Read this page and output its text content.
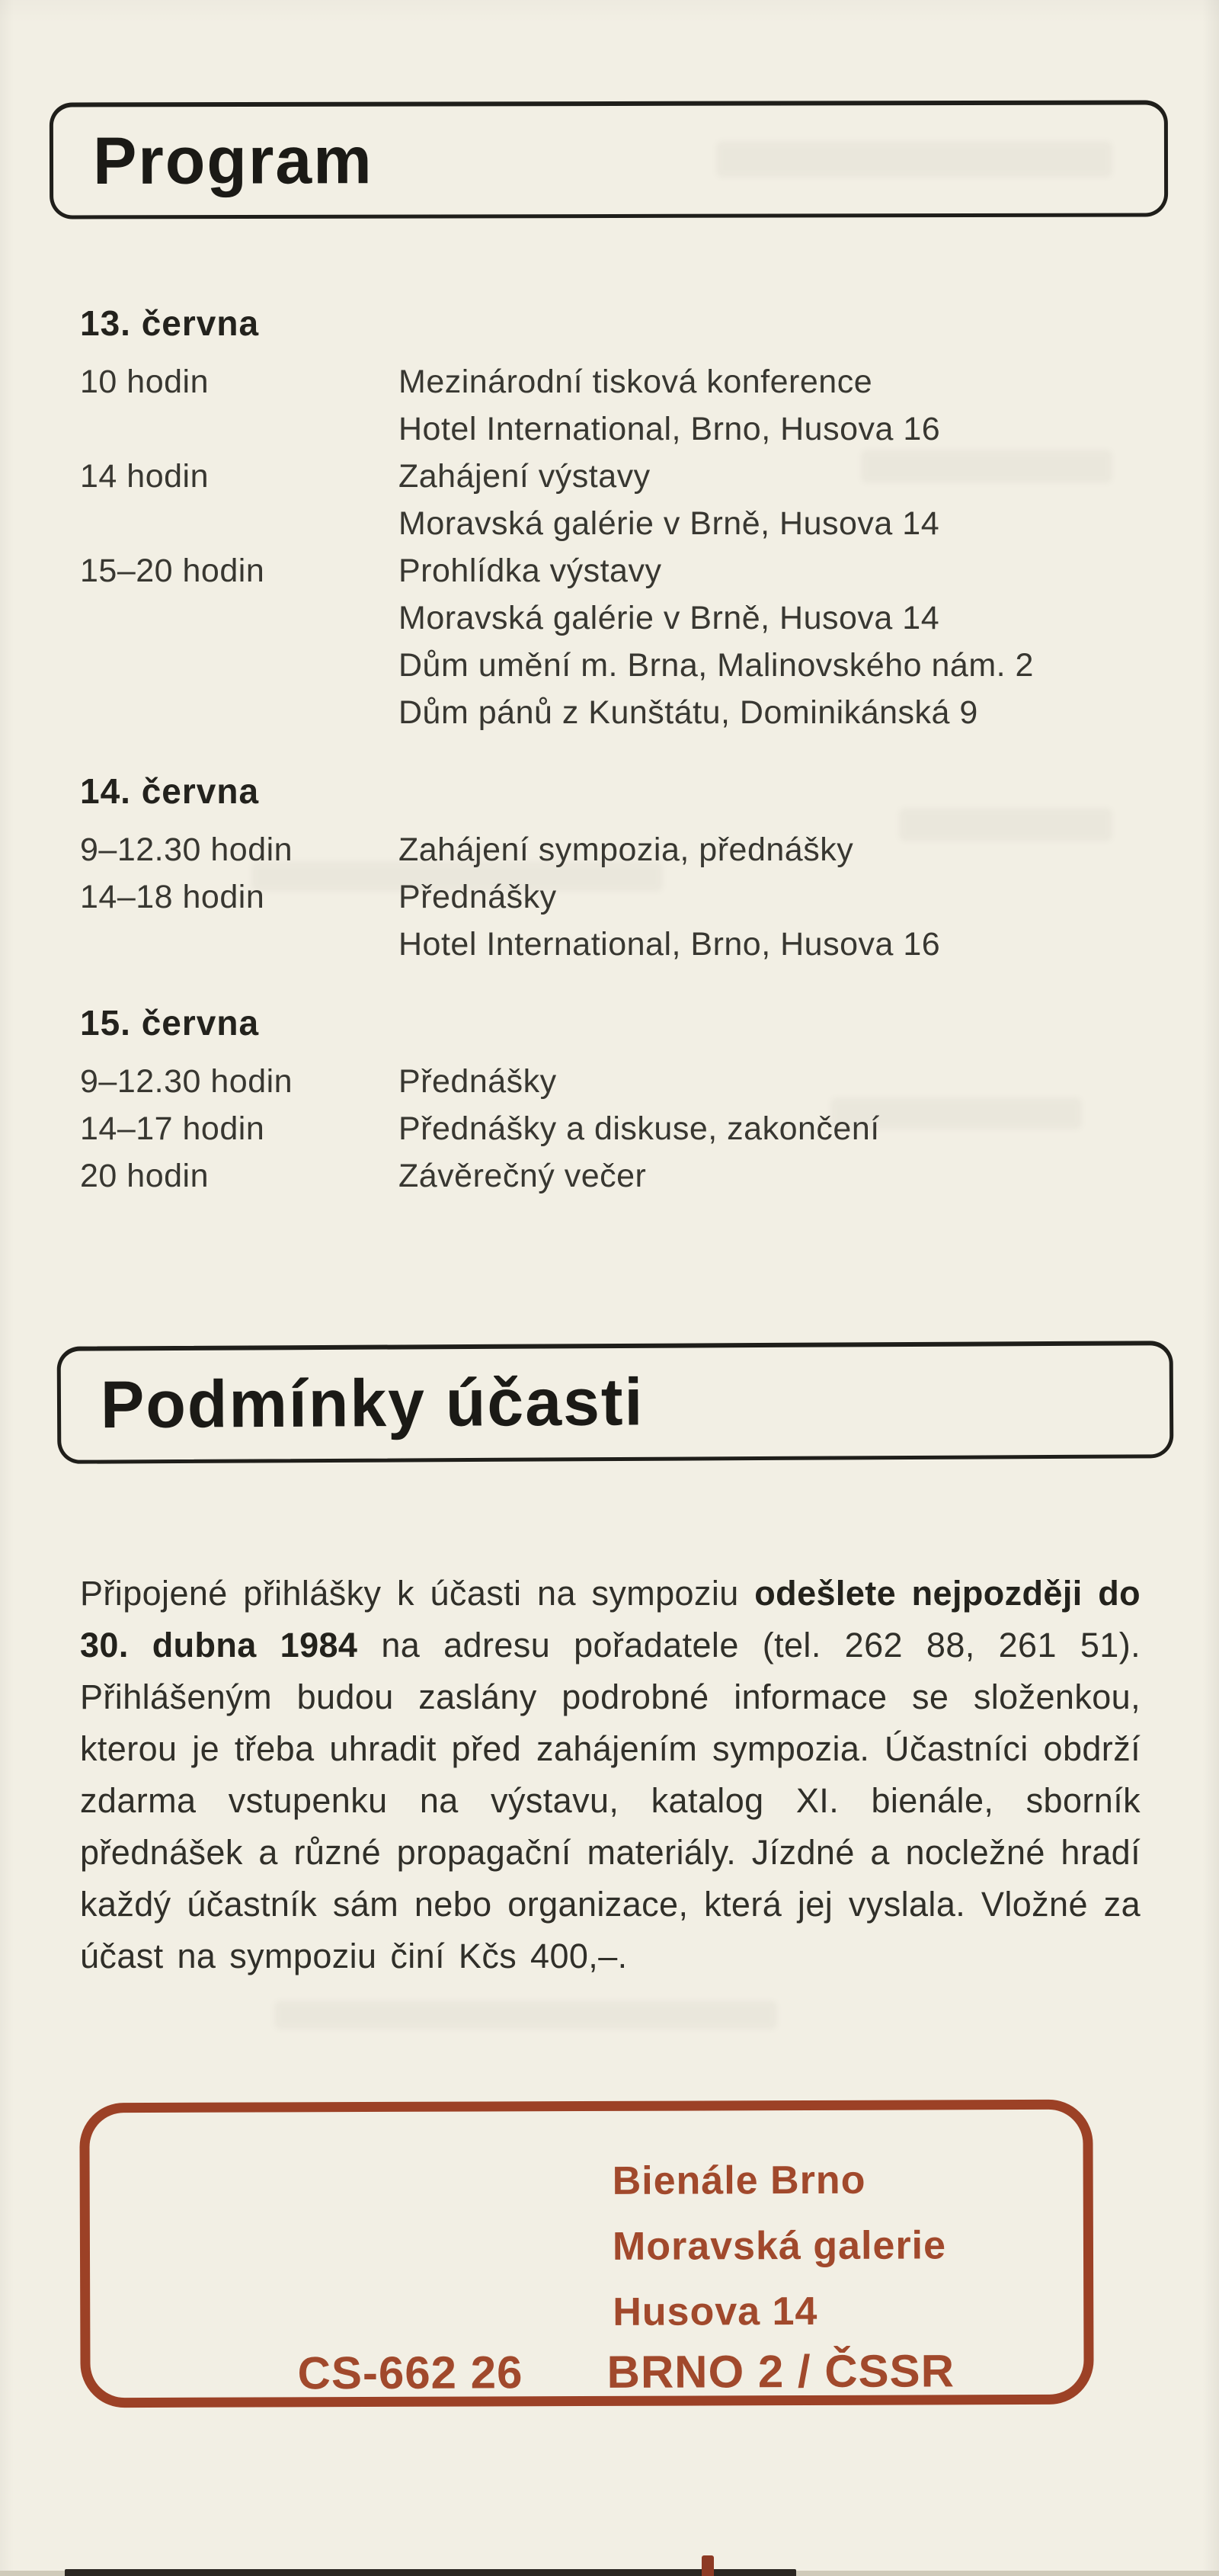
Program
13. června
10 hodin	Mezinárodní tisková konference
Hotel International, Brno, Husova 16
14 hodin	Zahájení výstavy
Moravská galérie v Brně, Husova 14
15–20 hodin	Prohlídka výstavy
Moravská galérie v Brně, Husova 14
Dům umění m. Brna, Malinovského nám. 2
Dům pánů z Kunštátu, Dominikánská 9
14. června
9–12.30 hodin	Zahájení sympozia, přednášky
14–18 hodin	Přednášky
Hotel International, Brno, Husova 16
15. června
9–12.30 hodin	Přednášky
14–17 hodin	Přednášky a diskuse, zakončení
20 hodin	Závěrečný večer
Podmínky účasti

Připojené přihlášky k účasti na sympoziu odešlete nejpozději do 30. dubna 1984 na adresu pořadatele (tel. 262 88, 261 51). Přihlášeným budou zaslány podrobné informace se složenkou, kterou je třeba uhradit před zahájením sympozia. Účastníci obdrží zdarma vstupenku na výstavu, katalog XI. bienále, sborník přednášek a různé propagační materiály. Jízdné a nocležné hradí každý účastník sám nebo organizace, která jej vyslala. Vložné za účast na sympoziu činí Kčs 400,–.

Bienále Brno
Moravská galerie
Husova 14
CS-662 26 BRNO 2 / ČSSR
